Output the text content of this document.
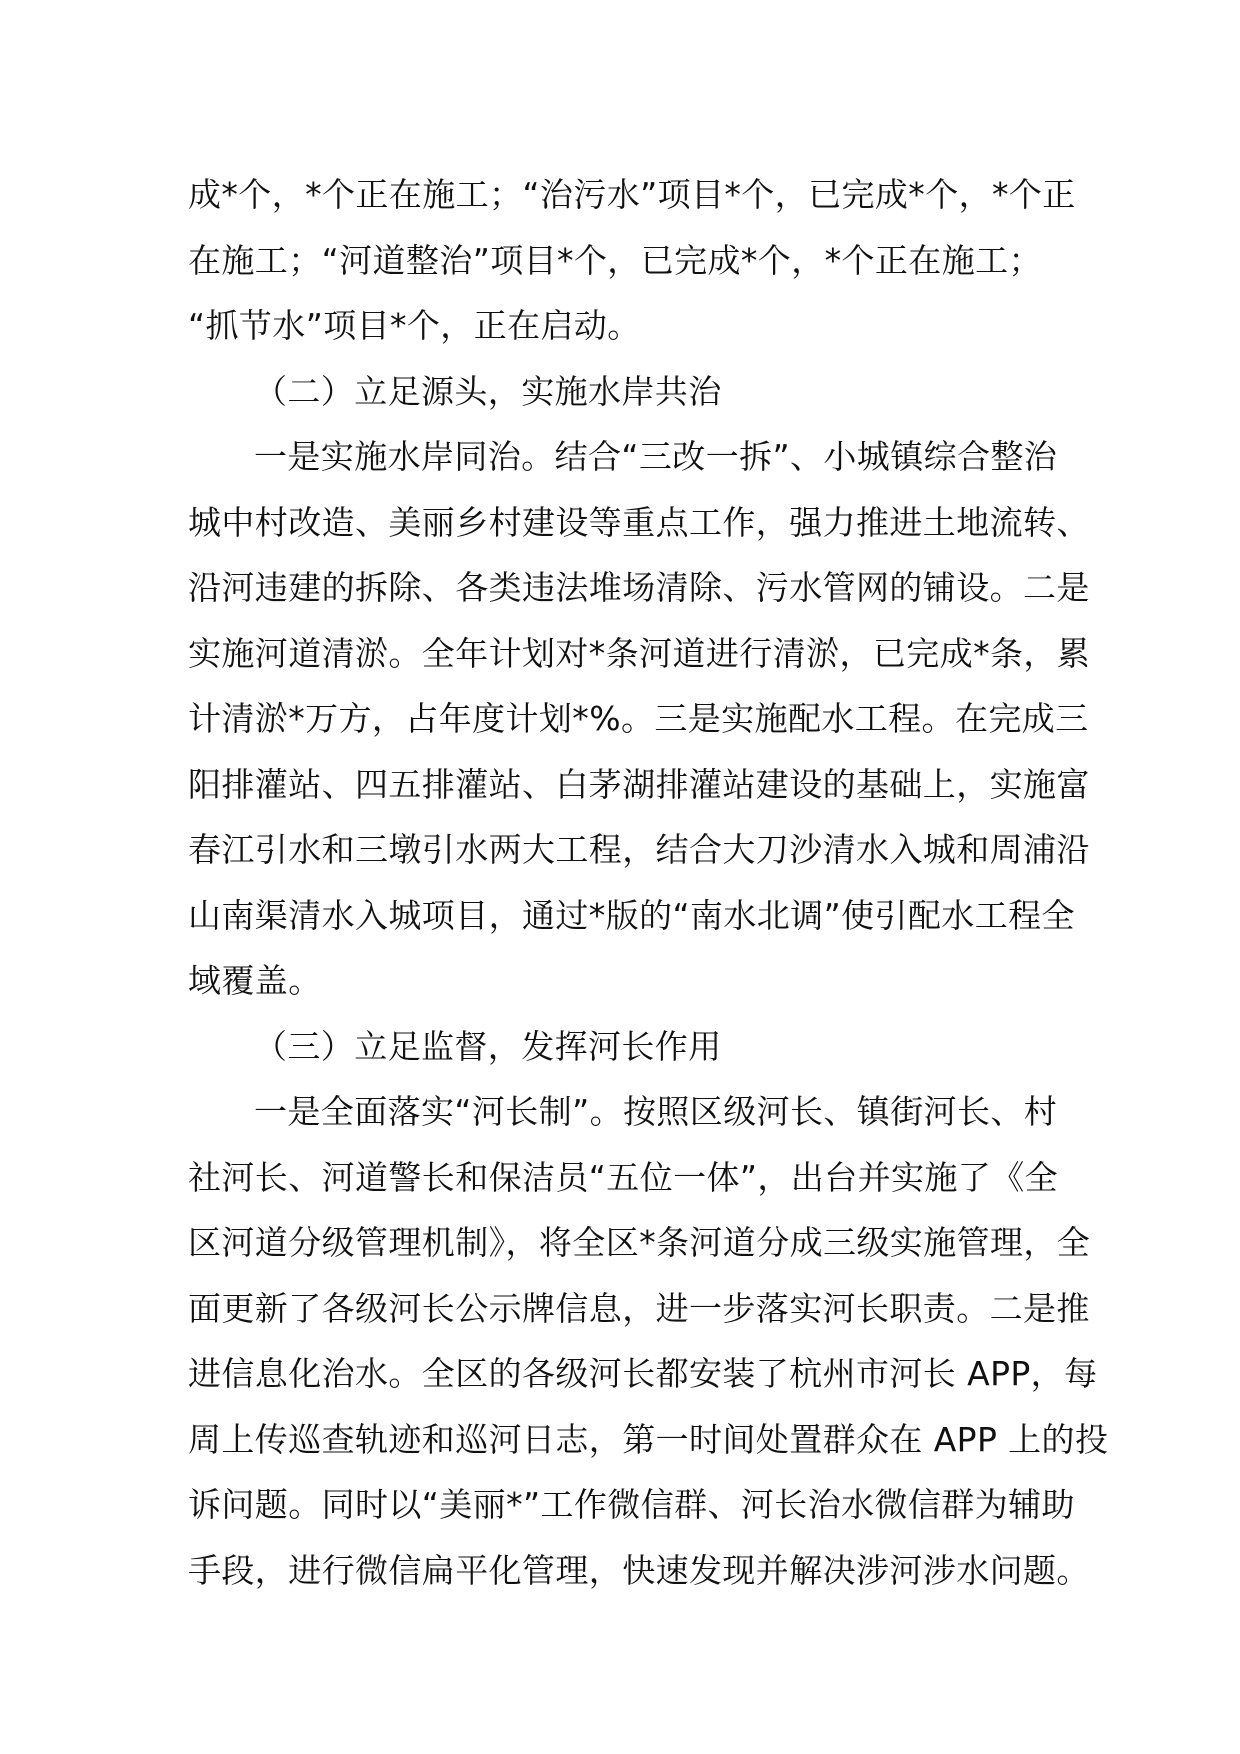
成*个，*个正在施工；“治污水”项目*个，已完成*个，*个正
在施工；“河道整治”项目*个，已完成*个，*个正在施工；
“抓节水”项目*个，正在启动。
（二）立足源头，实施水岸共治
一是实施水岸同治。结合“三改一拆”、小城镇综合整治
城中村改造、美丽乡村建设等重点工作，强力推进土地流转、
沿河违建的拆除、各类违法堆场清除、污水管网的铺设。二是
实施河道清淤。全年计划对*条河道进行清淤，已完成*条，累
计清淤*万方，占年度计划*%。三是实施配水工程。在完成三
阳排灌站、四五排灌站、白茅湖排灌站建设的基础上，实施富
春江引水和三墩引水两大工程，结合大刀沙清水入城和周浦沿
山南渠清水入城项目，通过*版的“南水北调”使引配水工程全
域覆盖。
（三）立足监督，发挥河长作用
一是全面落实“河长制”。按照区级河长、镇街河长、村
社河长、河道警长和保洁员“五位一体”，出台并实施了《全
区河道分级管理机制》，将全区*条河道分成三级实施管理，全
面更新了各级河长公示牌信息，进一步落实河长职责。二是推
进信息化治水。全区的各级河长都安装了杭州市河长 APP，每
周上传巡查轨迹和巡河日志，第一时间处置群众在 APP 上的投
诉问题。同时以“美丽*”工作微信群、河长治水微信群为辅助
手段，进行微信扁平化管理，快速发现并解决涉河涉水问题。
